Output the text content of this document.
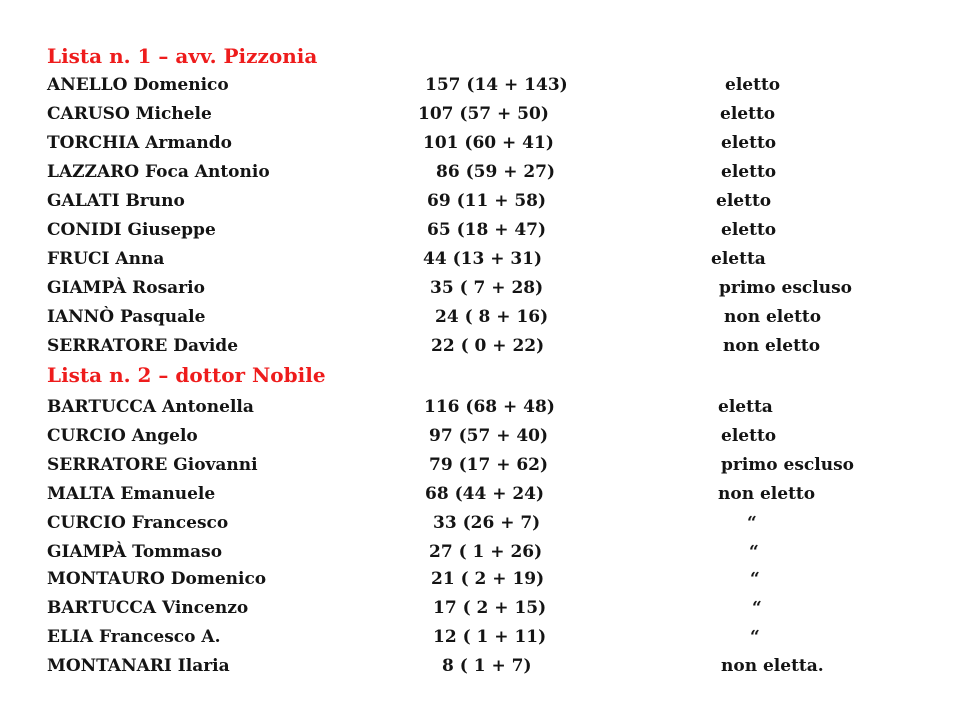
Lista n. 1 – avv. Pizzonia
ANELLO Domenico	157 (14 + 143)	eletto
CARUSO Michele	107 (57 + 50)	eletto
TORCHIA Armando	101 (60 + 41)	eletto
LAZZARO Foca Antonio	86 (59 + 27)	eletto
GALATI Bruno	69 (11 + 58)	eletto
CONIDI Giuseppe	65 (18 + 47)	eletto
FRUCI Anna	44 (13 + 31)	eletta
GIAMPÀ Rosario	35 ( 7 + 28)	primo escluso
IANNÒ Pasquale	24 ( 8 + 16)	non eletto
SERRATORE Davide	22 ( 0 + 22)	non eletto
Lista n. 2 – dottor Nobile
BARTUCCA Antonella	116 (68 + 48)	eletta
CURCIO Angelo	97 (57 + 40)	eletto
SERRATORE Giovanni	79 (17 + 62)	primo escluso
MALTA Emanuele	68 (44 + 24)	non eletto
CURCIO Francesco	33 (26 + 7)	“
GIAMPÀ Tommaso	27 ( 1 + 26)	“
MONTAURO Domenico	21 ( 2 + 19)	“
BARTUCCA Vincenzo	17 ( 2 + 15)	“
ELIA Francesco A.	12 ( 1 + 11)	“
MONTANARI Ilaria	8 ( 1 + 7)	non eletta.
